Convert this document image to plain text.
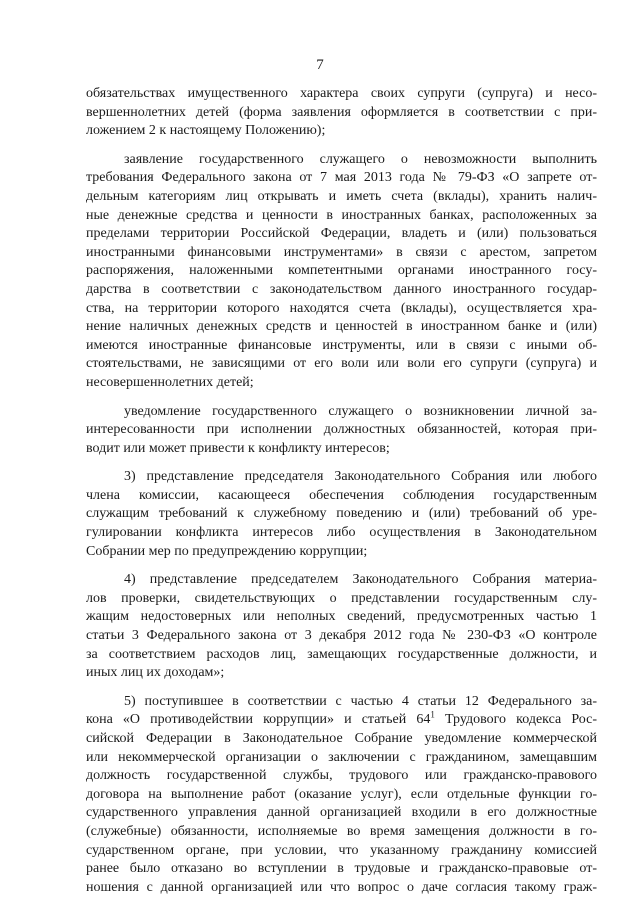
7
обязательствах имущественного характера своих супруги (супруга) и несо-
вершеннолетних детей (форма заявления оформляется в соответствии с при-
ложением 2 к настоящему Положению);
заявление государственного служащего о невозможности выполнить
требования Федерального закона от 7 мая 2013 года № 79-ФЗ «О запрете от-
дельным категориям лиц открывать и иметь счета (вклады), хранить налич-
ные денежные средства и ценности в иностранных банках, расположенных за
пределами территории Российской Федерации, владеть и (или) пользоваться
иностранными финансовыми инструментами» в связи с арестом, запретом
распоряжения, наложенными компетентными органами иностранного госу-
дарства в соответствии с законодательством данного иностранного государ-
ства, на территории которого находятся счета (вклады), осуществляется хра-
нение наличных денежных средств и ценностей в иностранном банке и (или)
имеются иностранные финансовые инструменты, или в связи с иными об-
стоятельствами, не зависящими от его воли или воли его супруги (супруга) и
несовершеннолетних детей;
уведомление государственного служащего о возникновении личной за-
интересованности при исполнении должностных обязанностей, которая при-
водит или может привести к конфликту интересов;
3) представление председателя Законодательного Собрания или любого
члена комиссии, касающееся обеспечения соблюдения государственным
служащим требований к служебному поведению и (или) требований об уре-
гулировании конфликта интересов либо осуществления в Законодательном
Собрании мер по предупреждению коррупции;
4) представление председателем Законодательного Собрания материа-
лов проверки, свидетельствующих о представлении государственным слу-
жащим недостоверных или неполных сведений, предусмотренных частью 1
статьи 3 Федерального закона от 3 декабря 2012 года № 230-ФЗ «О контроле
за соответствием расходов лиц, замещающих государственные должности, и
иных лиц их доходам»;
5) поступившее в соответствии с частью 4 статьи 12 Федерального за-
кона «О противодействии коррупции» и статьей $64^1$ Трудового кодекса Рос-
сийской Федерации в Законодательное Собрание уведомление коммерческой
или некоммерческой организации о заключении с гражданином, замещавшим
должность государственной службы, трудового или гражданско-правового
договора на выполнение работ (оказание услуг), если отдельные функции го-
сударственного управления данной организацией входили в его должностные
(служебные) обязанности, исполняемые во время замещения должности в го-
сударственном органе, при условии, что указанному гражданину комиссией
ранее было отказано во вступлении в трудовые и гражданско-правовые от-
ношения с данной организацией или что вопрос о даче согласия такому граж-
